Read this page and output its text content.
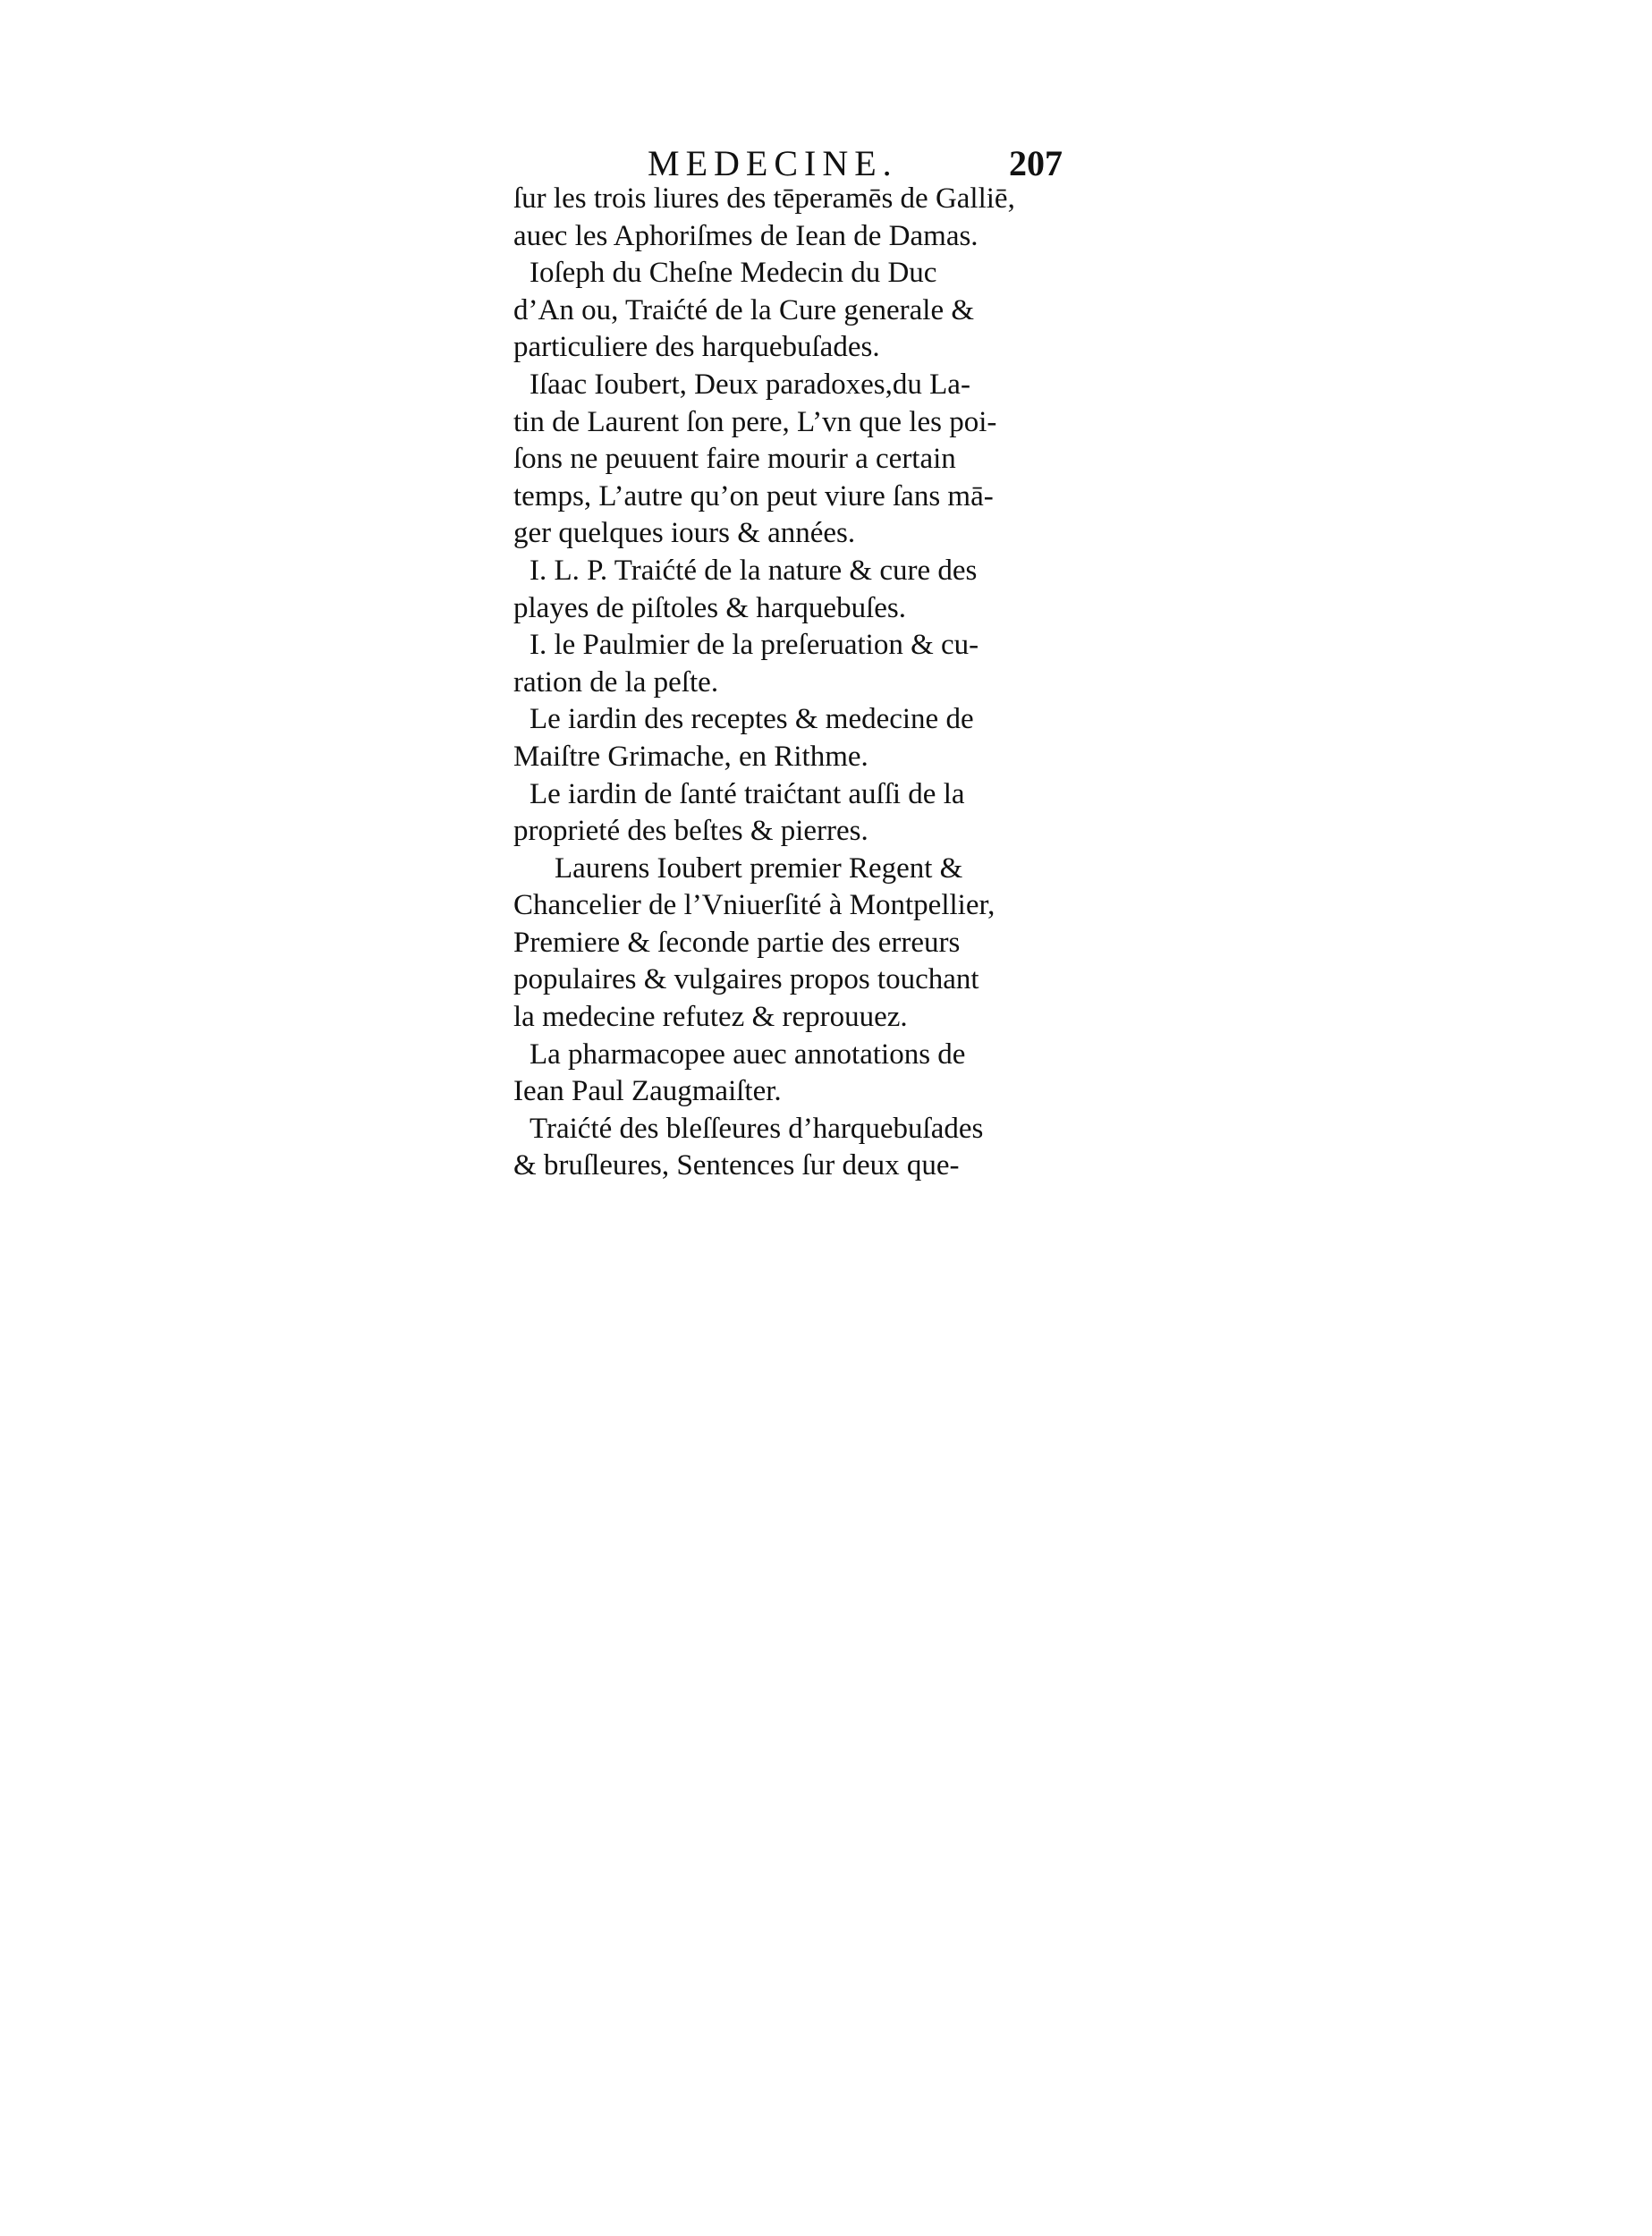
MEDECINE.	207

ſur les trois liures des tēperamēs de Galliē,
auec les Aphoriſmes de Iean de Damas.

Ioſeph du Cheſne Medecin du Duc
d’An ou, Traićté de la Cure generale &
particuliere des harquebuſades.

Iſaac Ioubert, Deux paradoxes,du La-
tin de Laurent ſon pere, L’vn que les poi-
ſons ne peuuent faire mourir a certain
temps, L’autre qu’on peut viure ſans mā-
ger quelques iours & années.

I. L. P. Traićté de la nature & cure des
playes de piſtoles & harquebuſes.

I. le Paulmier de la preſeruation & cu-
ration de la peſte.

Le iardin des receptes & medecine de
Maiſtre Grimache, en Rithme.

Le iardin de ſanté traićtant auſſi de la
proprieté des beſtes & pierres.

Laurens Ioubert premier Regent &
Chancelier de l’Vniuerſité à Montpellier,
Premiere & ſeconde partie des erreurs
populaires & vulgaires propos touchant
la medecine refutez & reprouuez.

La pharmacopee auec annotations de
Iean Paul Zaugmaiſter.

Traićté des bleſſeures d’harquebuſades
& bruſleures, Sentences ſur deux que-
